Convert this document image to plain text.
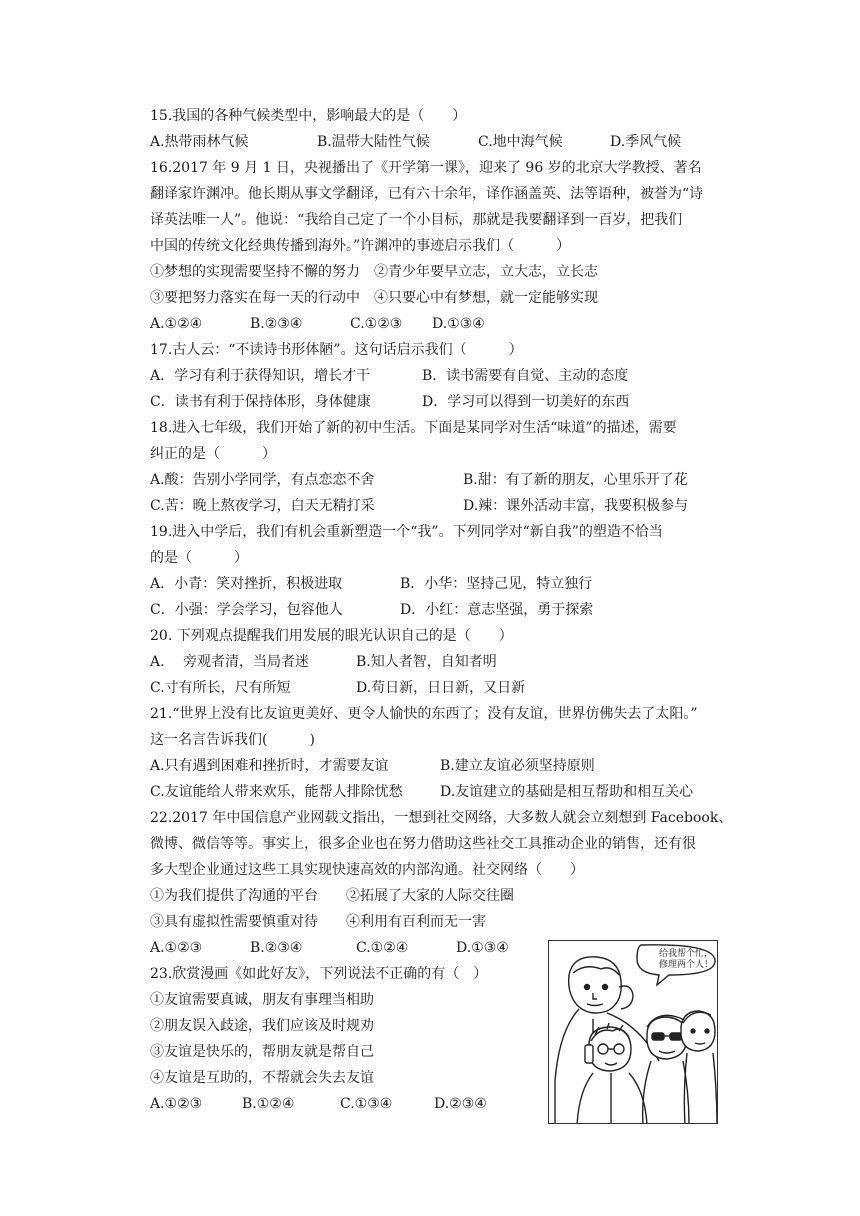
15.我国的各种气候类型中，影响最大的是（　　）
A.热带雨林气候	B.温带大陆性气候	C.地中海气候	D.季风气候
16.2017 年 9 月 1 日，央视播出了《开学第一课》，迎来了 96 岁的北京大学教授、著名
翻译家许渊冲。他长期从事文学翻译，已有六十余年，译作涵盖英、法等语种，被誉为“诗
译英法唯一人”。他说：“我给自己定了一个小目标，那就是我要翻译到一百岁，把我们
中国的传统文化经典传播到海外。”许渊冲的事迹启示我们（　　　）
①梦想的实现需要坚持不懈的努力　②青少年要早立志，立大志，立长志
③要把努力落实在每一天的行动中　④只要心中有梦想，就一定能够实现
A.①②④	B.②③④	C.①②③ D.①③④
17.古人云：“不读诗书形体陋”。这句话启示我们（　　　）
A．学习有利于获得知识，增长才干	B．读书需要有自觉、主动的态度
C．读书有利于保持体形，身体健康	D．学习可以得到一切美好的东西
18.进入七年级，我们开始了新的初中生活。下面是某同学对生活“味道”的描述，需要
纠正的是（　　　）
A.酸：告别小学同学，有点恋恋不舍	B.甜：有了新的朋友，心里乐开了花
C.苦：晚上熬夜学习，白天无精打采	D.辣：课外活动丰富，我要积极参与
19.进入中学后，我们有机会重新塑造一个“我”。下列同学对“新自我”的塑造不恰当
的是（　　　）
A．小青：笑对挫折，积极进取	B．小华：坚持己见，特立独行
C．小强：学会学习，包容他人	D．小红：意志坚强，勇于探索
20. 下列观点提醒我们用发展的眼光认识自己的是（　　）
A.　 旁观者清，当局者迷	B.知人者智，自知者明
C.寸有所长，尺有所短	D.苟日新，日日新，又日新
21.“世界上没有比友谊更美好、更令人愉快的东西了；没有友谊，世界仿佛失去了太阳。”
这一名言告诉我们(　　　)
A.只有遇到困难和挫折时，才需要友谊	B.建立友谊必须坚持原则
C.友谊能给人带来欢乐，能帮人排除忧愁	D.友谊建立的基础是相互帮助和相互关心
22.2017 年中国信息产业网载文指出，一想到社交网络，大多数人就会立刻想到 Facebook、
微博、微信等等。事实上，很多企业也在努力借助这些社交工具推动企业的销售，还有很
多大型企业通过这些工具实现快速高效的内部沟通。社交网络（　　）
①为我们提供了沟通的平台　　②拓展了大家的人际交往圈
③具有虚拟性需要慎重对待　　④利用有百利而无一害
A.①②③	B.②③④	C.①②④	D.①③④
23.欣赏漫画《如此好友》，下列说法不正确的有（　）
①友谊需要真诚，朋友有事理当相助
②朋友误入歧途，我们应该及时规劝
③友谊是快乐的，帮朋友就是帮自己
④友谊是互助的，不帮就会失去友谊
A.①②③	B.①②④	C.①③④	D.②③④
给我帮个忙，
修理两个人！
